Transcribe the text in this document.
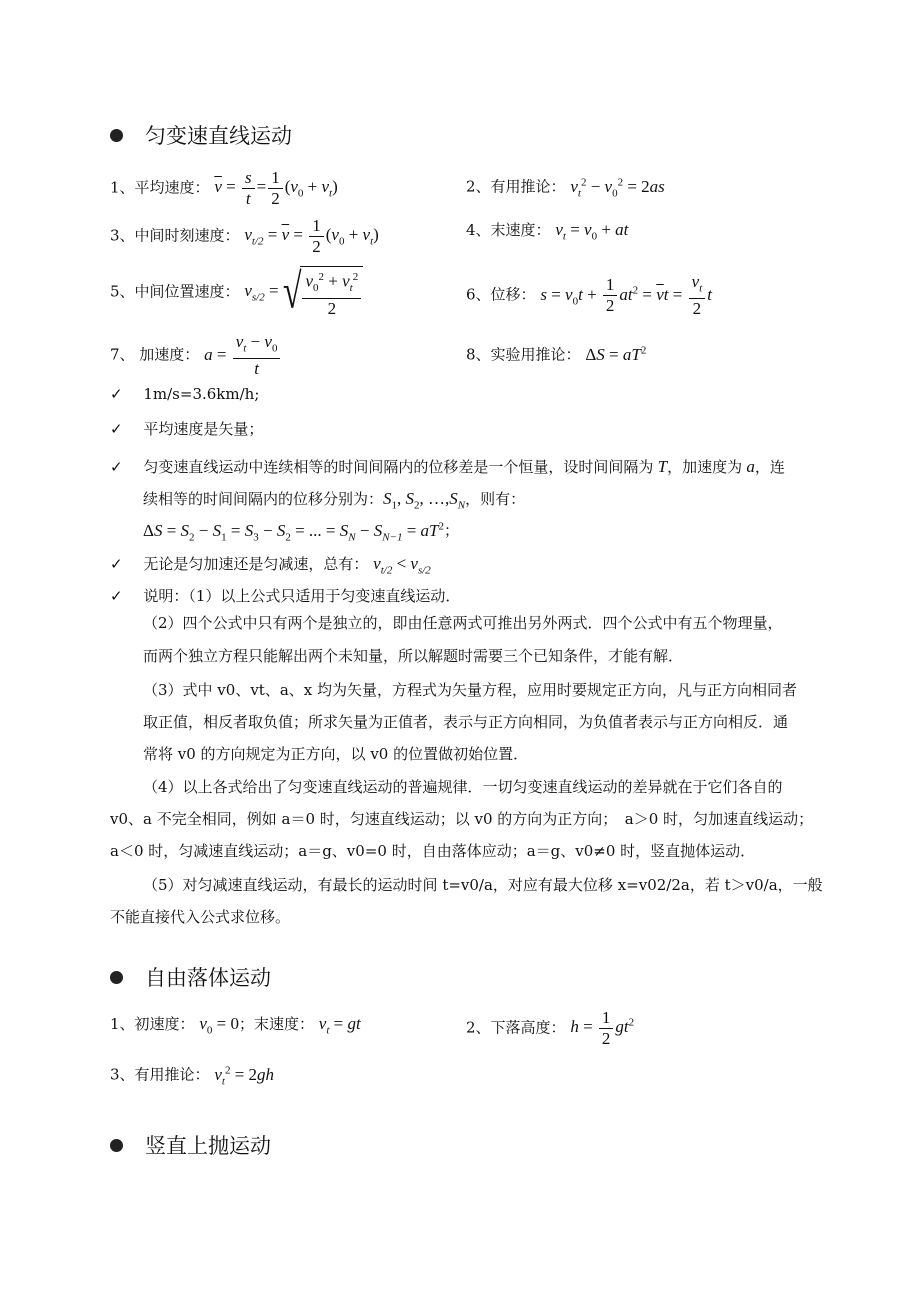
匀变速直线运动
1、平均速度： $\overline{v} = \frac{s}{t} = \frac{1}{2} (v_0 + v_t)$	2、有用推论： $v_t^2 - v_0^2 = 2as$
3、中间时刻速度： $v_{t/2} = \overline{v} = \frac{1}{2} (v_0 + v_t)$	4、末速度： $v_t = v_0$ + at
5、中间位置速度： $v_{s/2}$ = √ $\frac{v_0^2 + v_t^2}{2}$	6、位移： $s = v_0t + \frac{1}{2} at^2 = \overline{v}t = \frac{v_t}{2}$ t
7、 加速度： $a = \frac{v_t - v_0}{t}$	8、实验用推论： $\Delta S = aT^2$
✓ 1m/s=3.6km/h;
✓ 平均速度是矢量；
✓ 匀变速直线运动中连续相等的时间间隔内的位移差是一个恒量，设时间间隔为 T，加速度为 a，连
续相等的时间间隔内的位移分别为：$S_1$, $S_2$, $\dots,S_N$，则有：
$\Delta S = S_2 - S_1 = S_3 - S_2$ = ... = $S_N - S_{N-1} = aT^2$；
✓ 无论是匀加速还是匀减速，总有： $v_{t/2} < v_{s/2}$
✓ 说明：（1）以上公式只适用于匀变速直线运动．
（2）四个公式中只有两个是独立的，即由任意两式可推出另外两式．四个公式中有五个物理量，
而两个独立方程只能解出两个未知量，所以解题时需要三个已知条件，才能有解．
（3）式中 v0、vt、a、x 均为矢量，方程式为矢量方程，应用时要规定正方向，凡与正方向相同者
取正值，相反者取负值；所求矢量为正值者，表示与正方向相同，为负值者表示与正方向相反．通
常将 v0 的方向规定为正方向，以 v0 的位置做初始位置．
（4）以上各式给出了匀变速直线运动的普遍规律．一切匀变速直线运动的差异就在于它们各自的
v0、a 不完全相同，例如 a＝0 时，匀速直线运动；以 v0 的方向为正方向；　a＞0 时，匀加速直线运动；
a＜0 时，匀减速直线运动；a＝g、v0=0 时，自由落体应动；a＝g、v0≠0 时，竖直抛体运动．
（5）对匀减速直线运动，有最长的运动时间 t=v0/a，对应有最大位移 x=v02/2a，若 t＞v0/a，一般
不能直接代入公式求位移。
自由落体运动
1、初速度： $v_0 = 0$；末速度： $v_t$ = gt	2、下落高度： $h = \frac{1}{2} gt^2$
3、有用推论： $v_t^2 = 2gh$
竖直上抛运动
